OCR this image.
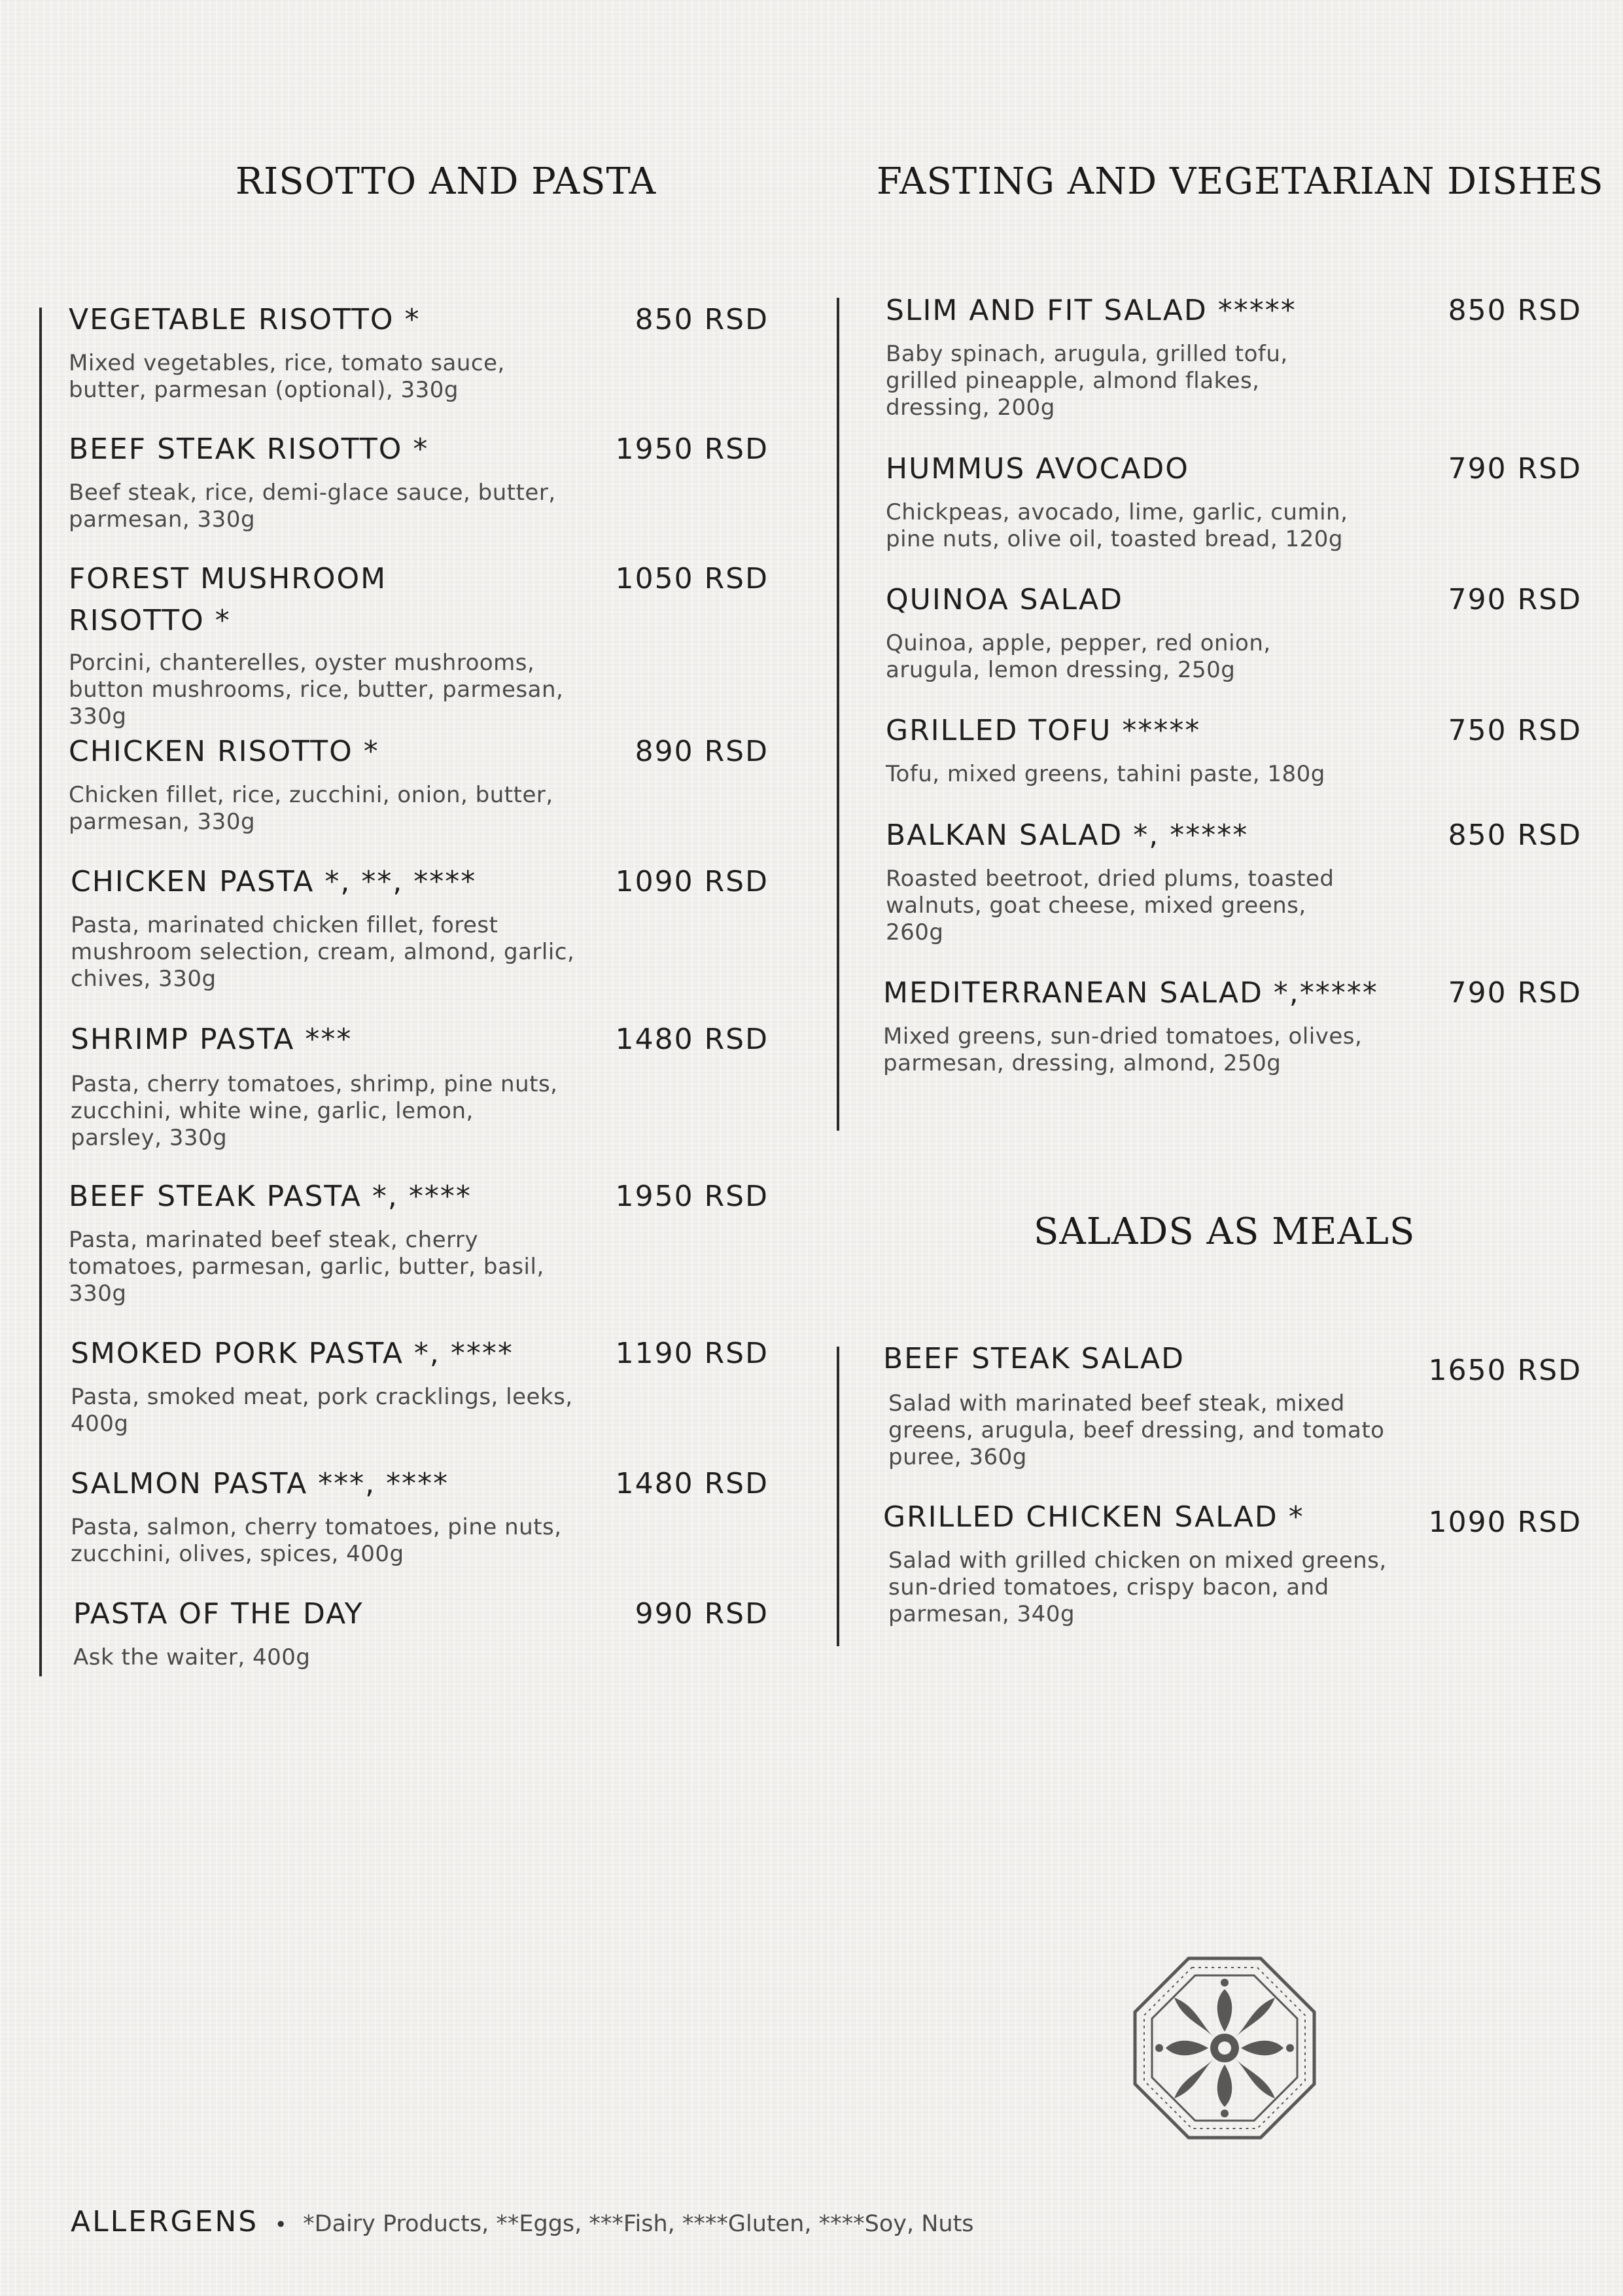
RISOTTO AND PASTA	FASTING AND VEGETARIAN DISHES
SALADS AS MEALS
VEGETABLE RISOTTO *	850 RSD
Mixed vegetables, rice, tomato sauce, butter, parmesan (optional), 330g
BEEF STEAK RISOTTO *	1950 RSD
Beef steak, rice, demi-glace sauce, butter, parmesan, 330g
FOREST MUSHROOM RISOTTO *
1050 RSD
Porcini, chanterelles, oyster mushrooms, button mushrooms, rice, butter, parmesan, 330g
CHICKEN RISOTTO *	890 RSD
Chicken fillet, rice, zucchini, onion, butter, parmesan, 330g
CHICKEN PASTA *, **, ****	1090 RSD
Pasta, marinated chicken fillet, forest mushroom selection, cream, almond, garlic, chives, 330g
SHRIMP PASTA ***	1480 RSD
Pasta, cherry tomatoes, shrimp, pine nuts, zucchini, white wine, garlic, lemon, parsley, 330g
BEEF STEAK PASTA *, ****	1950 RSD
Pasta, marinated beef steak, cherry tomatoes, parmesan, garlic, butter, basil, 330g
SMOKED PORK PASTA *, ****	1190 RSD
Pasta, smoked meat, pork cracklings, leeks, 400g
SALMON PASTA ***, ****	1480 RSD
Pasta, salmon, cherry tomatoes, pine nuts, zucchini, olives, spices, 400g
PASTA OF THE DAY	990 RSD
Ask the waiter, 400g
SLIM AND FIT SALAD *****	850 RSD
Baby spinach, arugula, grilled tofu, grilled pineapple, almond flakes, dressing, 200g
HUMMUS AVOCADO	790 RSD
Chickpeas, avocado, lime, garlic, cumin, pine nuts, olive oil, toasted bread, 120g
QUINOA SALAD	790 RSD
Quinoa, apple, pepper, red onion, arugula, lemon dressing, 250g
GRILLED TOFU *****	750 RSD
Tofu, mixed greens, tahini paste, 180g
BALKAN SALAD *, *****	850 RSD
Roasted beetroot, dried plums, toasted walnuts, goat cheese, mixed greens, 260g
MEDITERRANEAN SALAD *,***** 790 RSD
Mixed greens, sun-dried tomatoes, olives, parmesan, dressing, almond, 250g
BEEF STEAK SALAD	1650 RSD
Salad with marinated beef steak, mixed greens, arugula, beef dressing, and tomato puree, 360g
GRILLED CHICKEN SALAD *	1090 RSD
Salad with grilled chicken on mixed greens, sun-dried tomatoes, crispy bacon, and parmesan, 340g
ALLERGENS • *Dairy Products, **Eggs, ***Fish, ****Gluten, ****Soy, Nuts
